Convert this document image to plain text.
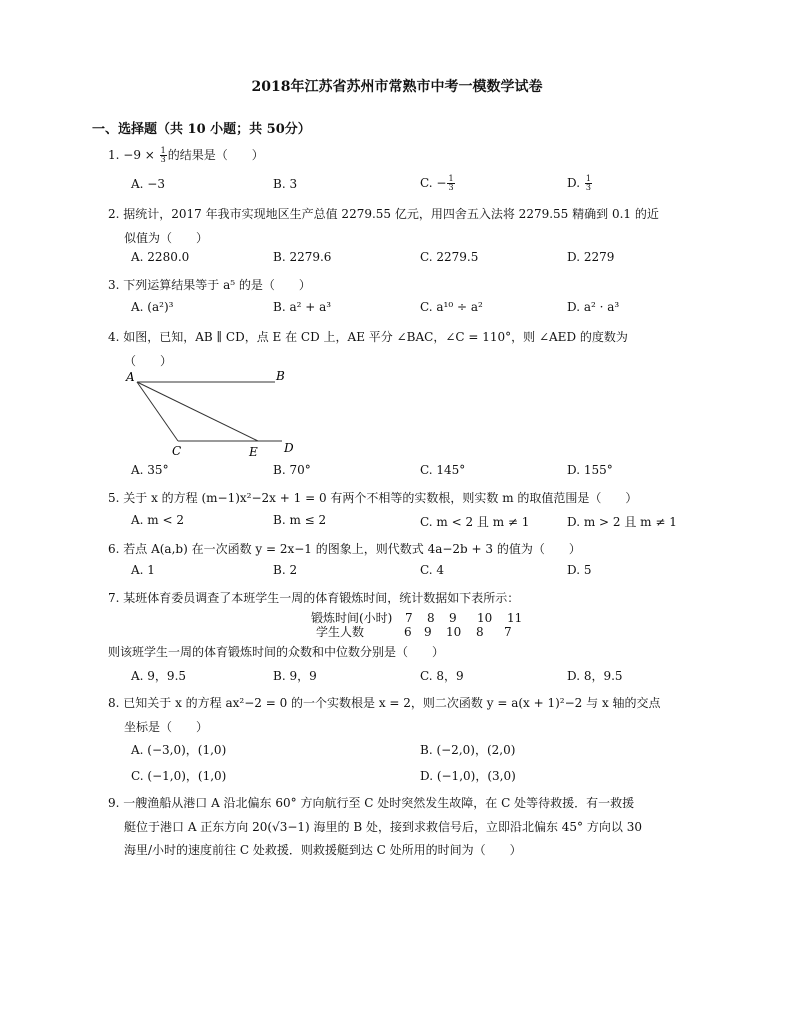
2018年江苏省苏州市常熟市中考一模数学试卷
一、选择题（共 10 小题；共 50分）
1. $-9 \times \frac{1}{3}$ 的结果是（　　）
A. −3	B. 3	C. − $\frac{1}{3}$	D. $\frac{1}{3}$
2. 据统计，2017 年我市实现地区生产总值 2279.55 亿元，用四舍五入法将 2279.55 精确到 0.1 的近
似值为（　　）
A. 2280.0	B. 2279.6	C. 2279.5	D. 2279
3. 下列运算结果等于 a⁵ 的是（　　）
A. (a²)³	B. a² + a³	C. a¹⁰ ÷ a²	D. a² · a³
4. 如图，已知，AB ∥ CD，点 E 在 CD 上，AE 平分 ∠BAC，∠C = 110°，则 ∠AED 的度数为
（　　）
A	B
C	E D
A. 35°	B. 70°	C. 145°	D. 155°
5. 关于 x 的方程 (m−1)x²−2x + 1 = 0 有两个不相等的实数根，则实数 m 的取值范围是（　　）
A. m < 2	B. m ≤ 2	C. m < 2 且 m ≠ 1	D. m > 2 且 m ≠ 1
6. 若点 A(a,b) 在一次函数 y = 2x−1 的图象上，则代数式 4a−2b + 3 的值为（　　）
A. 1	B. 2	C. 4	D. 5
7. 某班体育委员调查了本班学生一周的体育锻炼时间，统计数据如下表所示：
锻炼时间(小时) 7 8 9 10 11
学生人数	6 9 10 8 7
则该班学生一周的体育锻炼时间的众数和中位数分别是（　　）
A. 9，9.5	B. 9，9	C. 8，9	D. 8，9.5
8. 已知关于 x 的方程 ax²−2 = 0 的一个实数根是 x = 2，则二次函数 y = a(x + 1)²−2 与 x 轴的交点
坐标是（　　）
A. (−3,0)，(1,0)	B. (−2,0)，(2,0)
C. (−1,0)，(1,0)	D. (−1,0)，(3,0)
9. 一艘渔船从港口 A 沿北偏东 60° 方向航行至 C 处时突然发生故障，在 C 处等待救援．有一救援
艇位于港口 A 正东方向 20(√3−1) 海里的 B 处，接到求救信号后，立即沿北偏东 45° 方向以 30
海里/小时的速度前往 C 处救援．则救援艇到达 C 处所用的时间为（　　）
